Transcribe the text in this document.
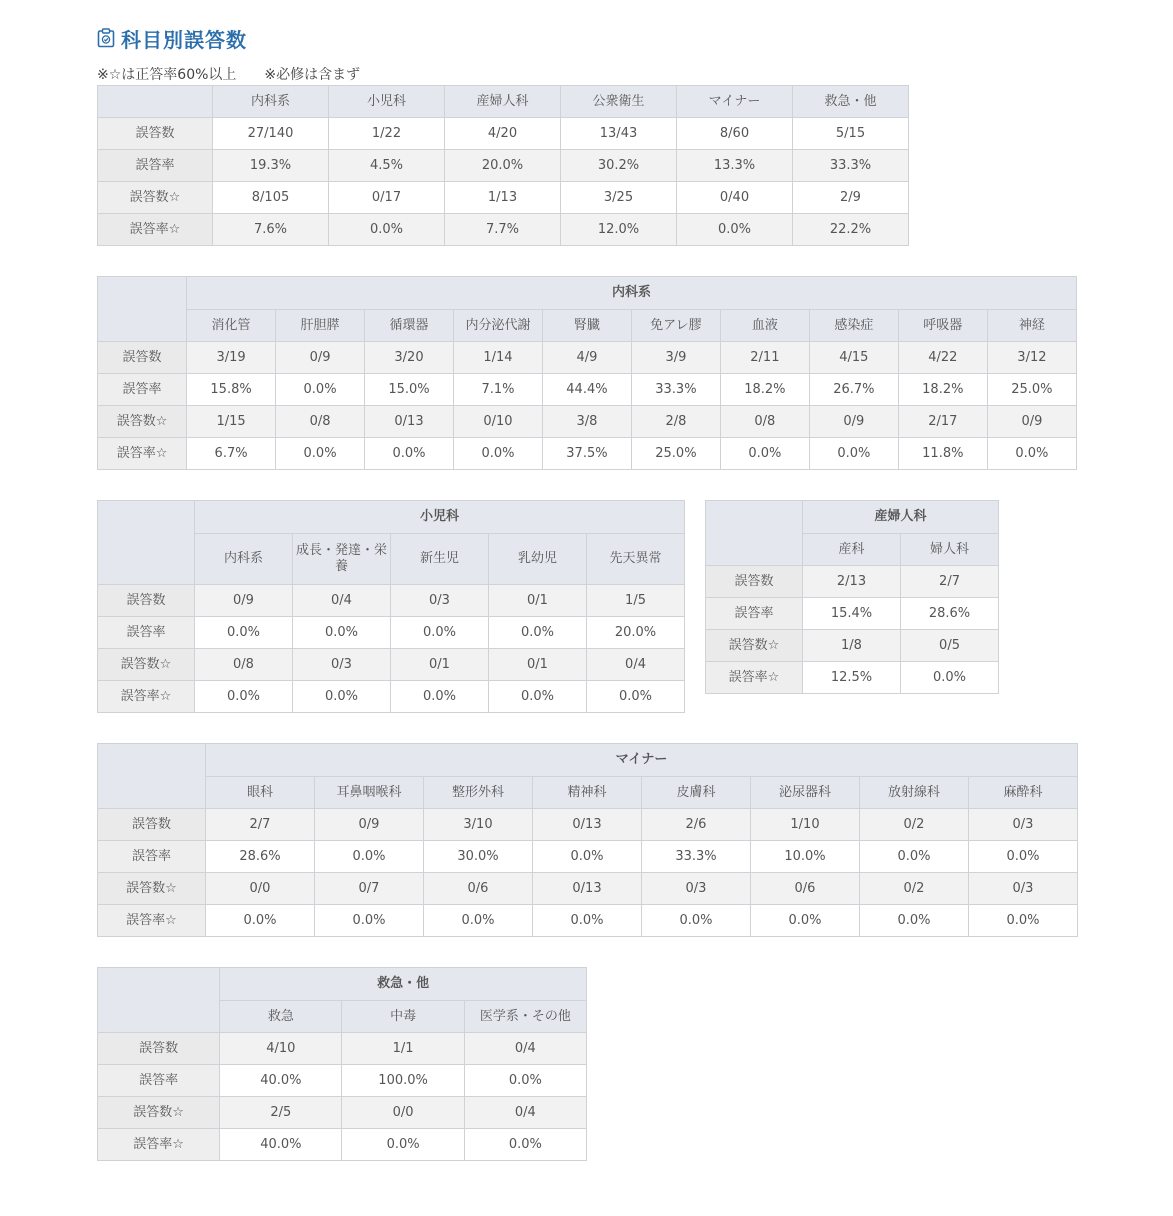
科目別誤答数
※☆は正答率60%以上　　※必修は含まず
	内科系	小児科	産婦人科	公衆衛生	マイナー	救急・他
誤答数	27/140	1/22	4/20	13/43	8/60	5/15
誤答率	19.3%	4.5%	20.0%	30.2%	13.3%	33.3%
誤答数☆	8/105	0/17	1/13	3/25	0/40	2/9
誤答率☆	7.6%	0.0%	7.7%	12.0%	0.0%	22.2%
	内科系									
	消化管	肝胆膵	循環器	内分泌代謝	腎臓	免アレ膠	血液	感染症	呼吸器	神経
誤答数	3/19	0/9	3/20	1/14	4/9	3/9	2/11	4/15	4/22	3/12
誤答率	15.8%	0.0%	15.0%	7.1%	44.4%	33.3%	18.2%	26.7%	18.2%	25.0%
誤答数☆	1/15	0/8	0/13	0/10	3/8	2/8	0/8	0/9	2/17	0/9
誤答率☆	6.7%	0.0%	0.0%	0.0%	37.5%	25.0%	0.0%	0.0%	11.8%	0.0%
	小児科				
	内科系	成長・発達・栄養	新生児	乳幼児	先天異常
誤答数	0/9	0/4	0/3	0/1	1/5
誤答率	0.0%	0.0%	0.0%	0.0%	20.0%
誤答数☆	0/8	0/3	0/1	0/1	0/4
誤答率☆	0.0%	0.0%	0.0%	0.0%	0.0%
	産婦人科	
	産科	婦人科
誤答数	2/13	2/7
誤答率	15.4%	28.6%
誤答数☆	1/8	0/5
誤答率☆	12.5%	0.0%
	マイナー							
	眼科	耳鼻咽喉科	整形外科	精神科	皮膚科	泌尿器科	放射線科	麻酔科
誤答数	2/7	0/9	3/10	0/13	2/6	1/10	0/2	0/3
誤答率	28.6%	0.0%	30.0%	0.0%	33.3%	10.0%	0.0%	0.0%
誤答数☆	0/0	0/7	0/6	0/13	0/3	0/6	0/2	0/3
誤答率☆	0.0%	0.0%	0.0%	0.0%	0.0%	0.0%	0.0%	0.0%
	救急・他		
	救急	中毒	医学系・その他
誤答数	4/10	1/1	0/4
誤答率	40.0%	100.0%	0.0%
誤答数☆	2/5	0/0	0/4
誤答率☆	40.0%	0.0%	0.0%
